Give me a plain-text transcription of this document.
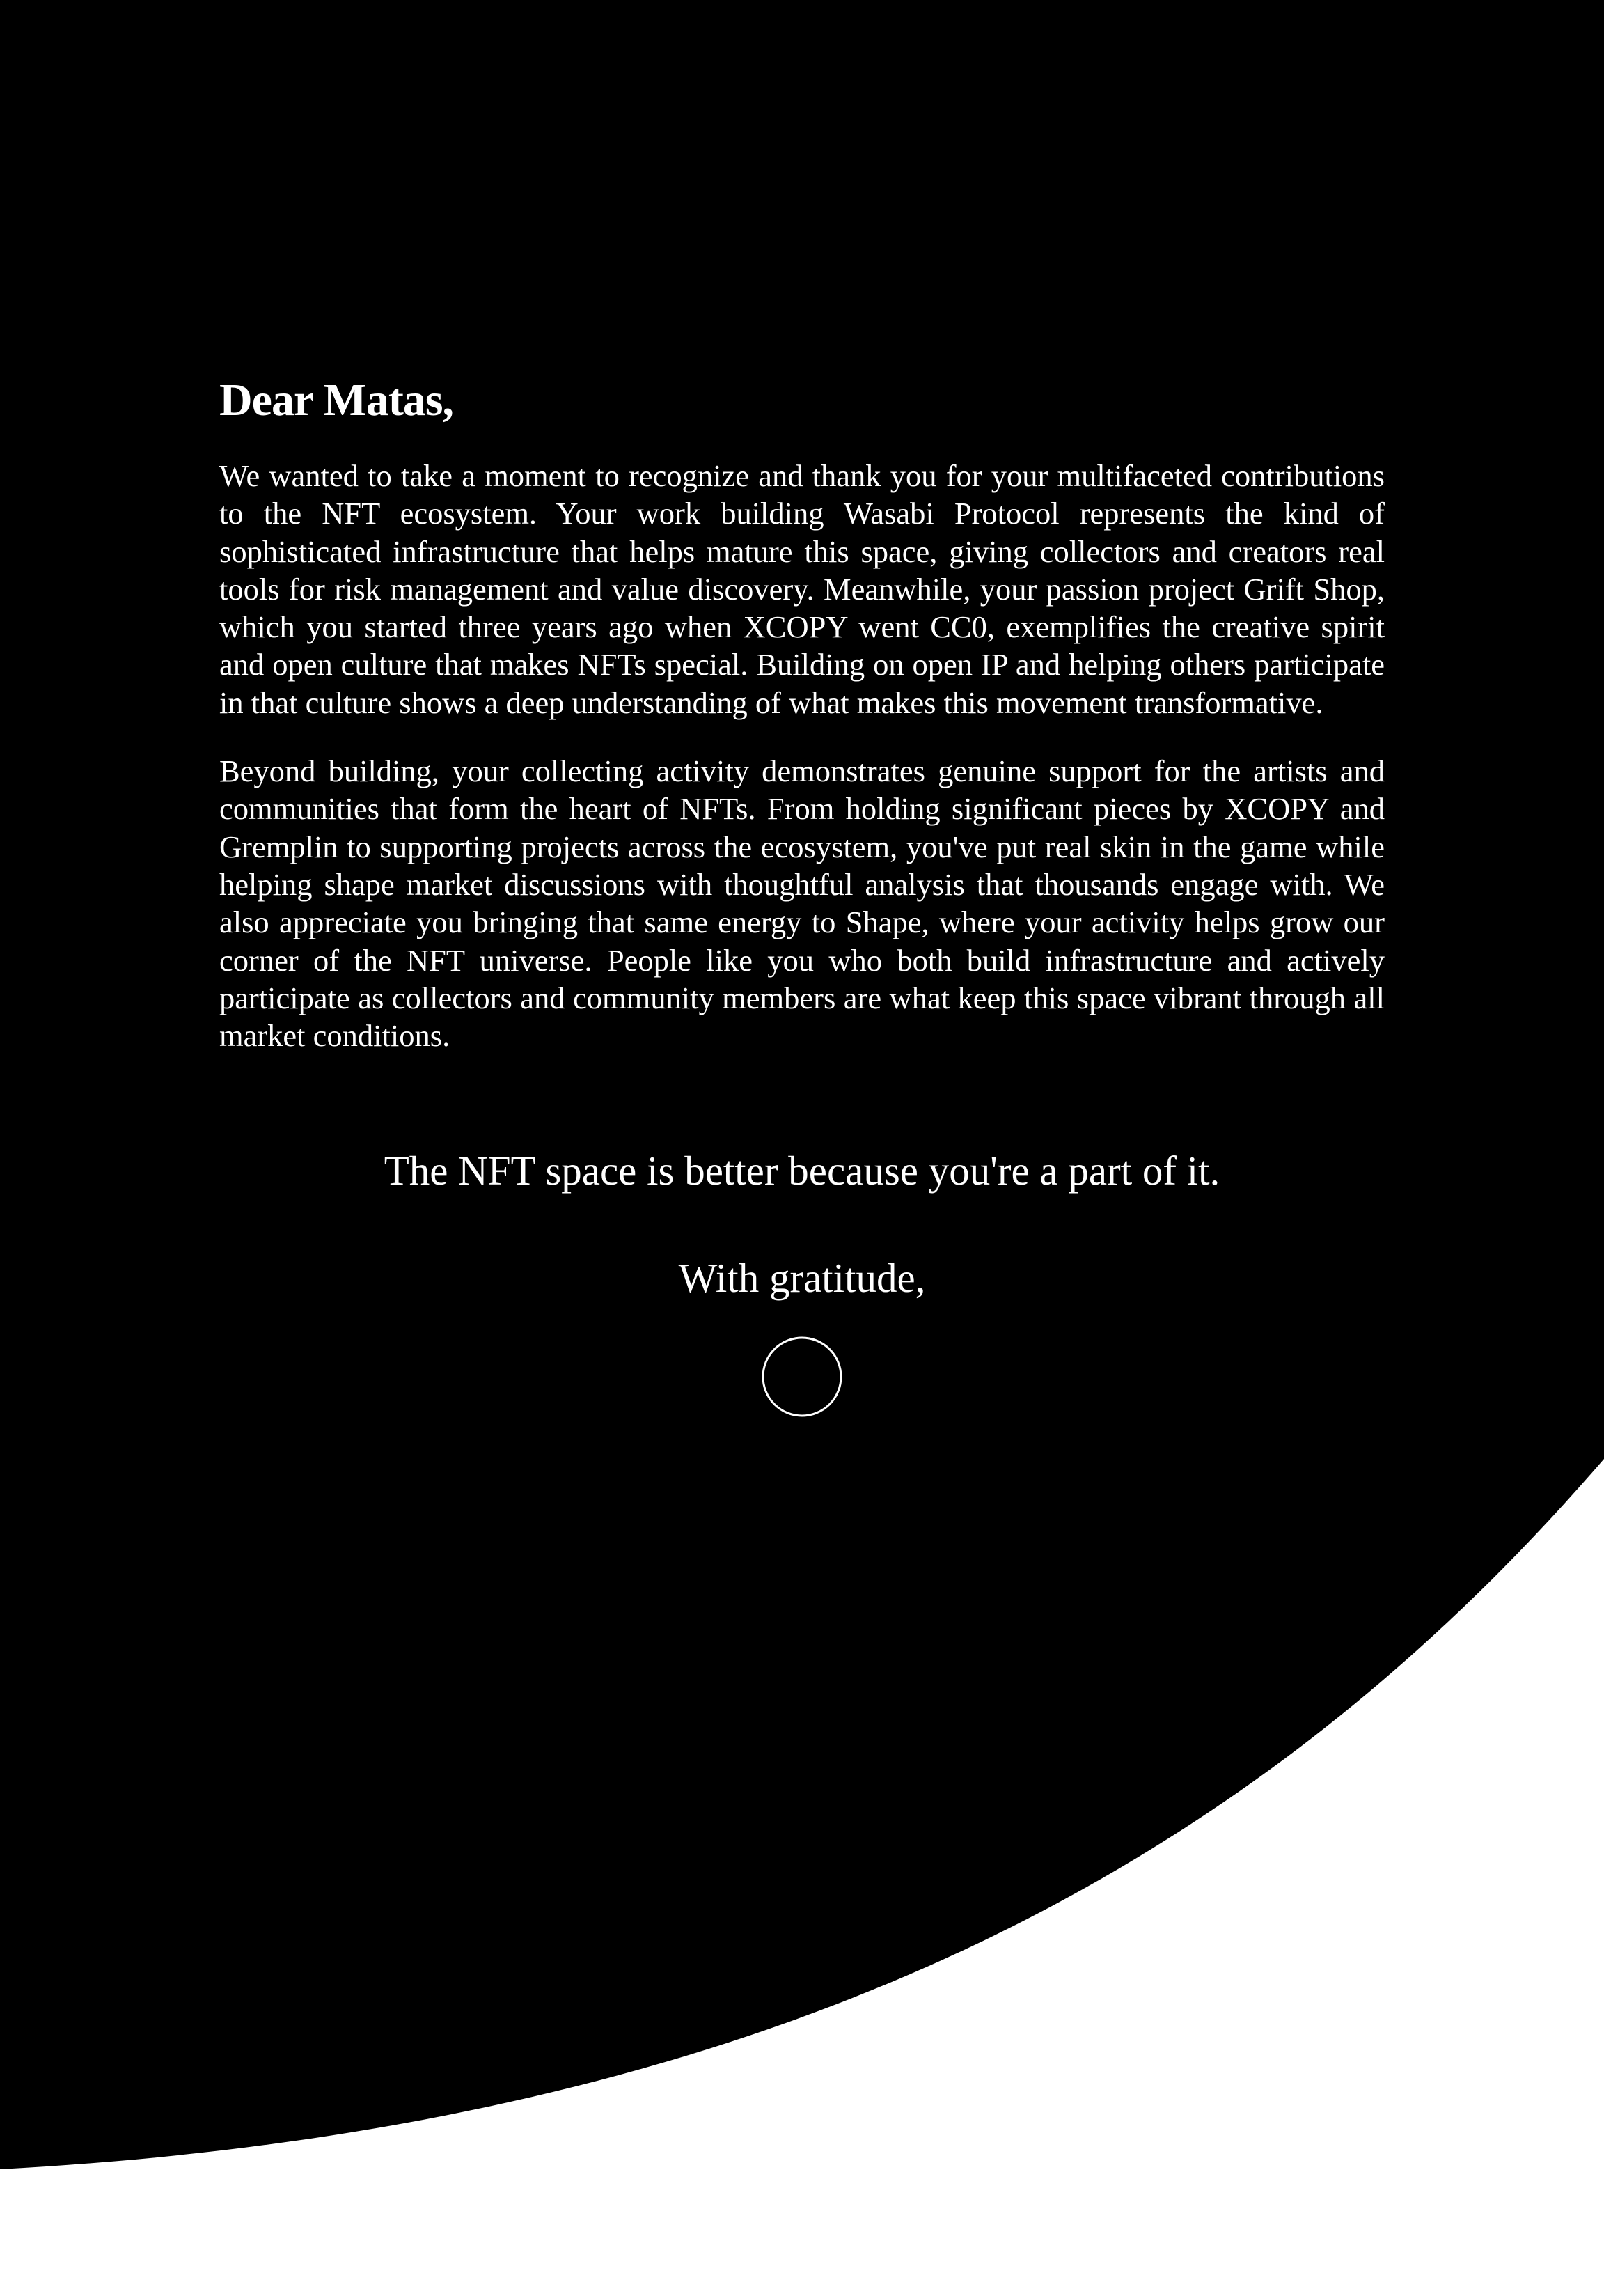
Dear Matas,

We wanted to take a moment to recognize and thank you for your multifaceted contributions to the NFT ecosystem. Your work building Wasabi Protocol represents the kind of sophisticated infrastructure that helps mature this space, giving collectors and creators real tools for risk management and value discovery. Meanwhile, your passion project Grift Shop, which you started three years ago when XCOPY went CC0, exemplifies the creative spirit and open culture that makes NFTs special. Building on open IP and helping others participate in that culture shows a deep understanding of what makes this movement transformative.

Beyond building, your collecting activity demonstrates genuine support for the artists and communities that form the heart of NFTs. From holding significant pieces by XCOPY and Gremplin to supporting projects across the ecosystem, you've put real skin in the game while helping shape market discussions with thoughtful analysis that thousands engage with. We also appreciate you bringing that same energy to Shape, where your activity helps grow our corner of the NFT universe. People like you who both build infrastructure and actively participate as collectors and community members are what keep this space vibrant through all market conditions.

The NFT space is better because you're a part of it.

With gratitude,
